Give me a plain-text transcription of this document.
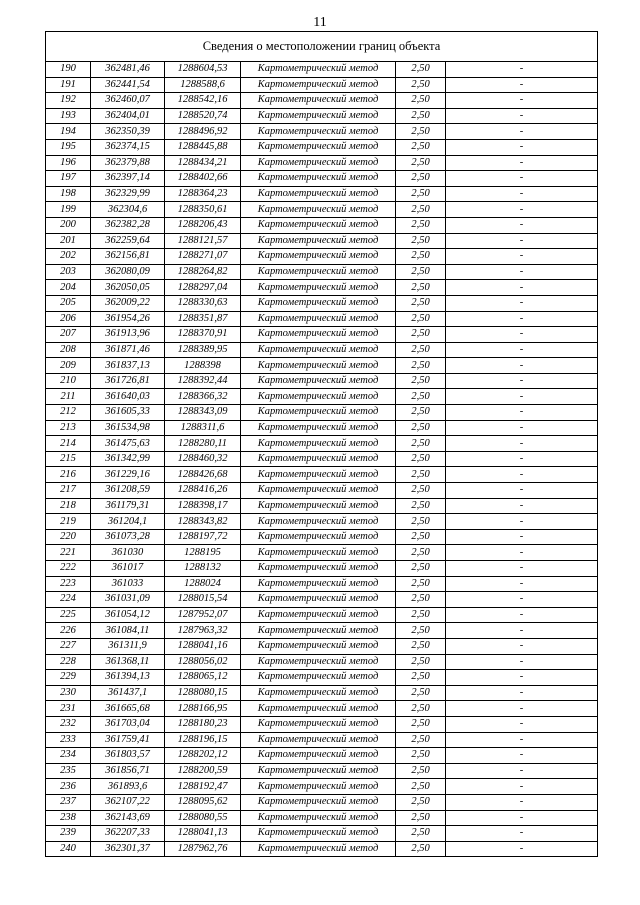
11
Сведения о местоположении границ объекта					
190	362481,46	1288604,53	Картометрический метод	2,50	-
191	362441,54	1288588,6	Картометрический метод	2,50	-
192	362460,07	1288542,16	Картометрический метод	2,50	-
193	362404,01	1288520,74	Картометрический метод	2,50	-
194	362350,39	1288496,92	Картометрический метод	2,50	-
195	362374,15	1288445,88	Картометрический метод	2,50	-
196	362379,88	1288434,21	Картометрический метод	2,50	-
197	362397,14	1288402,66	Картометрический метод	2,50	-
198	362329,99	1288364,23	Картометрический метод	2,50	-
199	362304,6	1288350,61	Картометрический метод	2,50	-
200	362382,28	1288206,43	Картометрический метод	2,50	-
201	362259,64	1288121,57	Картометрический метод	2,50	-
202	362156,81	1288271,07	Картометрический метод	2,50	-
203	362080,09	1288264,82	Картометрический метод	2,50	-
204	362050,05	1288297,04	Картометрический метод	2,50	-
205	362009,22	1288330,63	Картометрический метод	2,50	-
206	361954,26	1288351,87	Картометрический метод	2,50	-
207	361913,96	1288370,91	Картометрический метод	2,50	-
208	361871,46	1288389,95	Картометрический метод	2,50	-
209	361837,13	1288398	Картометрический метод	2,50	-
210	361726,81	1288392,44	Картометрический метод	2,50	-
211	361640,03	1288366,32	Картометрический метод	2,50	-
212	361605,33	1288343,09	Картометрический метод	2,50	-
213	361534,98	1288311,6	Картометрический метод	2,50	-
214	361475,63	1288280,11	Картометрический метод	2,50	-
215	361342,99	1288460,32	Картометрический метод	2,50	-
216	361229,16	1288426,68	Картометрический метод	2,50	-
217	361208,59	1288416,26	Картометрический метод	2,50	-
218	361179,31	1288398,17	Картометрический метод	2,50	-
219	361204,1	1288343,82	Картометрический метод	2,50	-
220	361073,28	1288197,72	Картометрический метод	2,50	-
221	361030	1288195	Картометрический метод	2,50	-
222	361017	1288132	Картометрический метод	2,50	-
223	361033	1288024	Картометрический метод	2,50	-
224	361031,09	1288015,54	Картометрический метод	2,50	-
225	361054,12	1287952,07	Картометрический метод	2,50	-
226	361084,11	1287963,32	Картометрический метод	2,50	-
227	361311,9	1288041,16	Картометрический метод	2,50	-
228	361368,11	1288056,02	Картометрический метод	2,50	-
229	361394,13	1288065,12	Картометрический метод	2,50	-
230	361437,1	1288080,15	Картометрический метод	2,50	-
231	361665,68	1288166,95	Картометрический метод	2,50	-
232	361703,04	1288180,23	Картометрический метод	2,50	-
233	361759,41	1288196,15	Картометрический метод	2,50	-
234	361803,57	1288202,12	Картометрический метод	2,50	-
235	361856,71	1288200,59	Картометрический метод	2,50	-
236	361893,6	1288192,47	Картометрический метод	2,50	-
237	362107,22	1288095,62	Картометрический метод	2,50	-
238	362143,69	1288080,55	Картометрический метод	2,50	-
239	362207,33	1288041,13	Картометрический метод	2,50	-
240	362301,37	1287962,76	Картометрический метод	2,50	-
